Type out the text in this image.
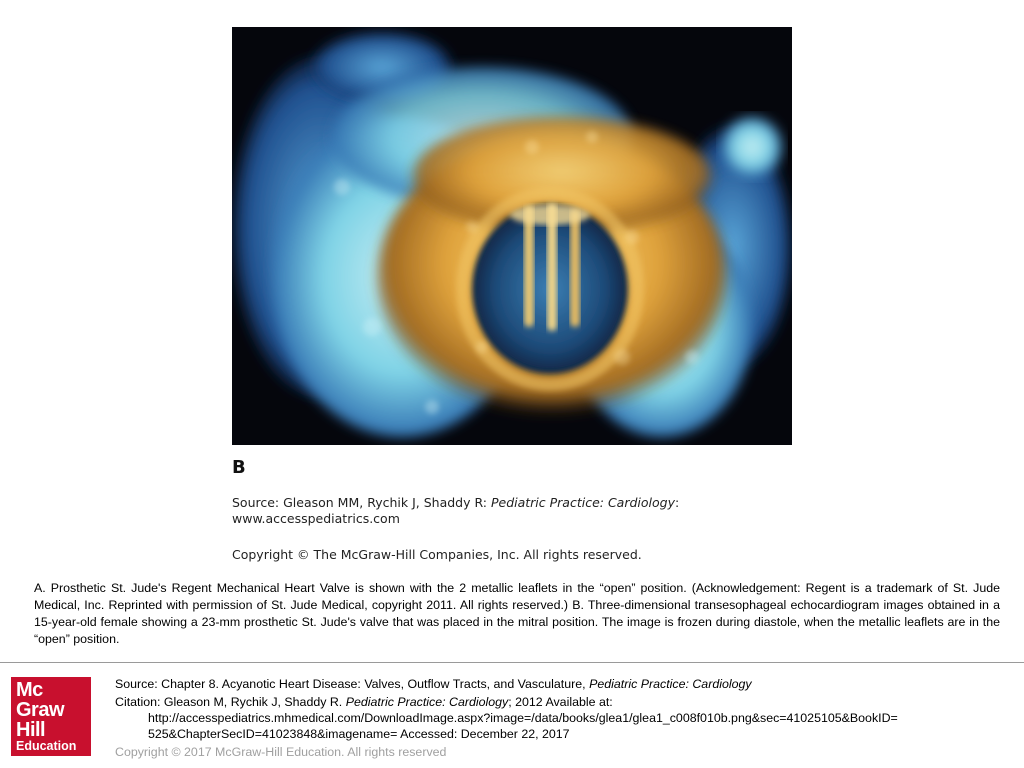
B
Source: Gleason MM, Rychik J, Shaddy R: Pediatric Practice: Cardiology:
www.accesspediatrics.com
Copyright © The McGraw-Hill Companies, Inc. All rights reserved.
A. Prosthetic St. Jude's Regent Mechanical Heart Valve is shown with the 2 metallic leaflets in the “open” position. (Acknowledgement: Regent is a trademark of St. Jude Medical, Inc. Reprinted with permission of St. Jude Medical, copyright 2011. All rights reserved.) B. Three-dimensional transesophageal echocardiogram images obtained in a 15-year-old female showing a 23-mm prosthetic St. Jude's valve that was placed in the mitral position. The image is frozen during diastole, when the metallic leaflets are in the “open” position.
Mc
Graw
Hill
Education
Source: Chapter 8. Acyanotic Heart Disease: Valves, Outflow Tracts, and Vasculature, Pediatric Practice: Cardiology
Citation: Gleason M, Rychik J, Shaddy R. Pediatric Practice: Cardiology; 2012 Available at:
http://accesspediatrics.mhmedical.com/DownloadImage.aspx?image=/data/books/glea1/glea1_c008f010b.png&sec=41025105&BookID=
525&ChapterSecID=41023848&imagename= Accessed: December 22, 2017
Copyright © 2017 McGraw-Hill Education. All rights reserved
